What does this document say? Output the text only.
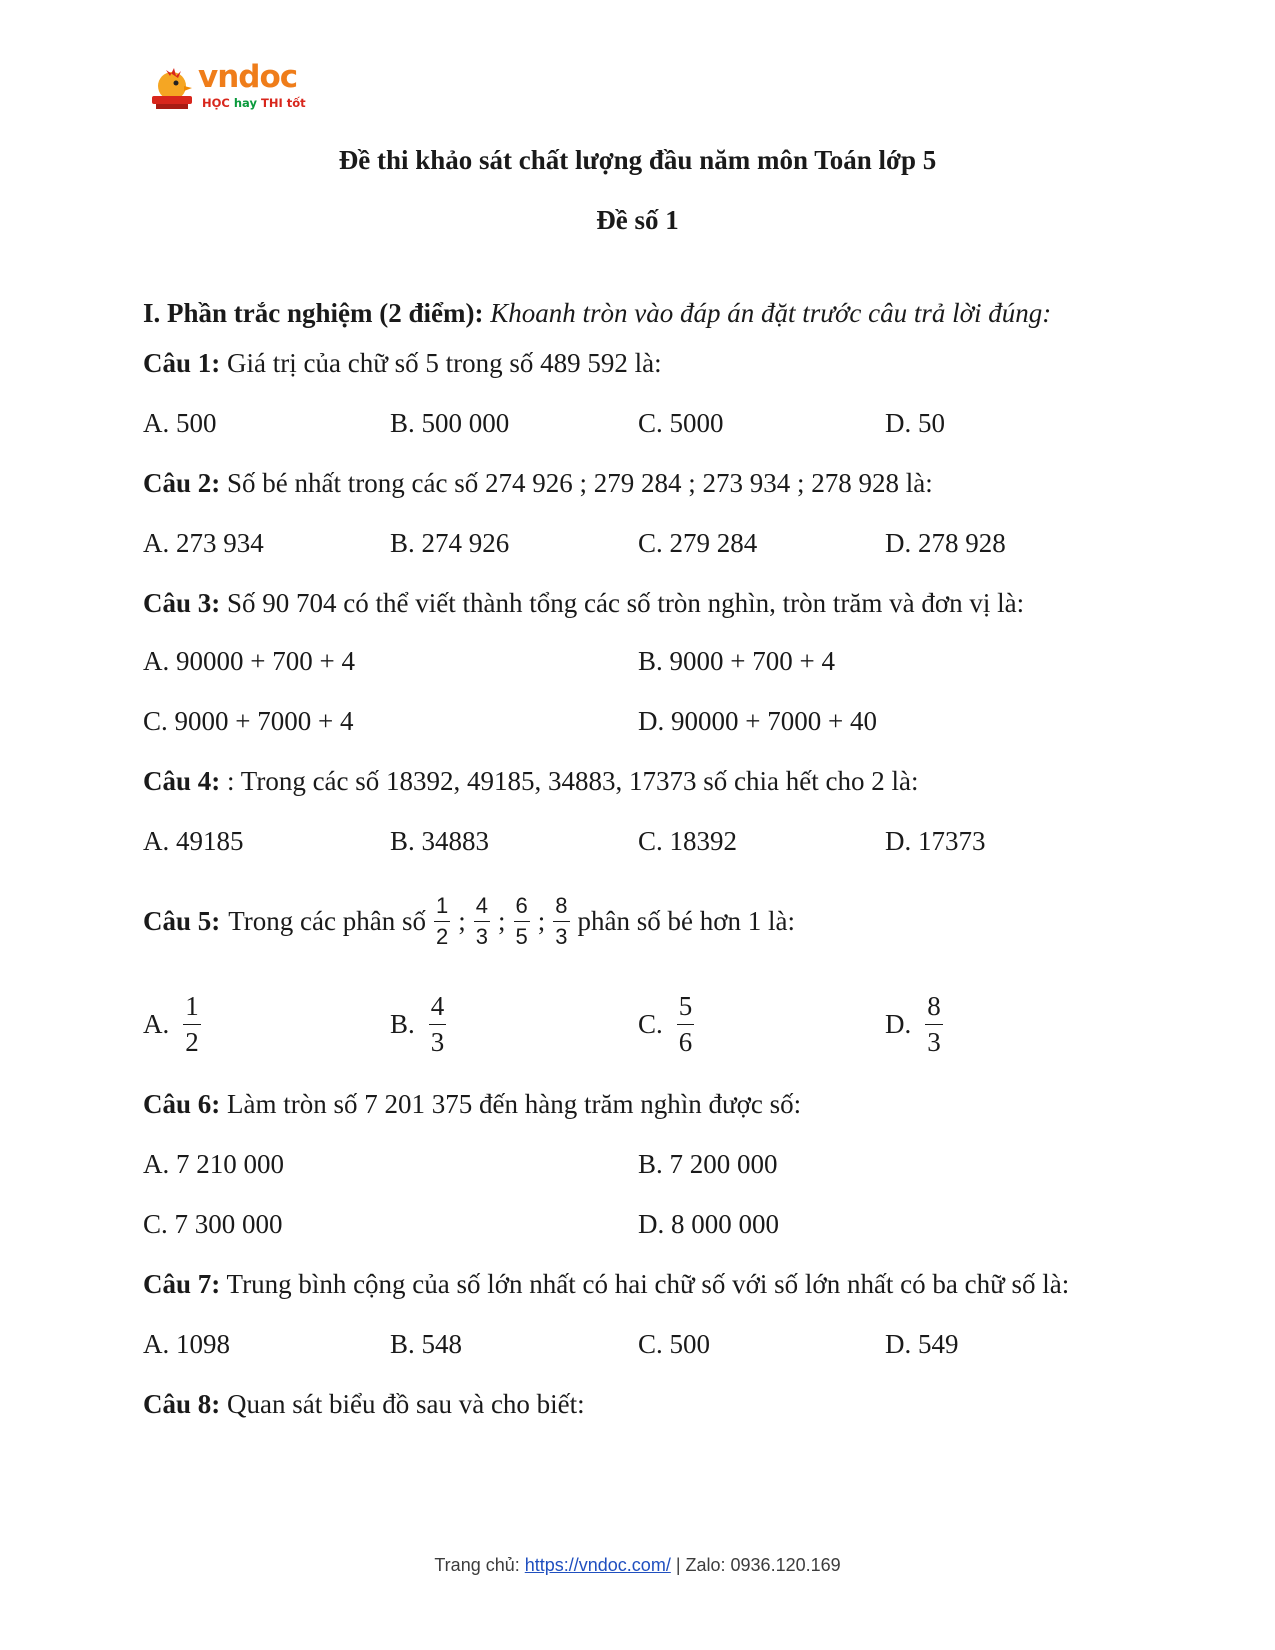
vndoc
HỌC hay THI tốt
Đề thi khảo sát chất lượng đầu năm môn Toán lớp 5
Đề số 1
I. Phần trắc nghiệm (2 điểm): Khoanh tròn vào đáp án đặt trước câu trả lời đúng:
Câu 1: Giá trị của chữ số 5 trong số 489 592 là:
A. 500	B. 500 000	C. 5000	D. 50
Câu 2: Số bé nhất trong các số 274 926 ; 279 284 ; 273 934 ; 278 928 là:
A. 273 934	B. 274 926	C. 279 284	D. 278 928
Câu 3: Số 90 704 có thể viết thành tổng các số tròn nghìn, tròn trăm và đơn vị là:
A. 90000 + 700 + 4	B. 9000 + 700 + 4
C. 9000 + 7000 + 4	D. 90000 + 7000 + 40
Câu 4: : Trong các số 18392, 49185, 34883, 17373 số chia hết cho 2 là:
A. 49185	B. 34883	C. 18392	D. 17373
Câu 5: Trong các phân số $\frac{1}{2}$ ; $\frac{4}{3}$ ; $\frac{6}{5}$ ; $\frac{8}{3}$ phân số bé hơn 1 là:
A. $\frac{1}{2}$	B. $\frac{4}{3}$	C. $\frac{5}{6}$	D. $\frac{8}{3}$
Câu 6: Làm tròn số 7 201 375 đến hàng trăm nghìn được số:
A. 7 210 000	B. 7 200 000
C. 7 300 000	D. 8 000 000
Câu 7: Trung bình cộng của số lớn nhất có hai chữ số với số lớn nhất có ba chữ số là:
A. 1098	B. 548	C. 500	D. 549
Câu 8: Quan sát biểu đồ sau và cho biết:
Trang chủ: https://vndoc.com/ | Zalo: 0936.120.169
